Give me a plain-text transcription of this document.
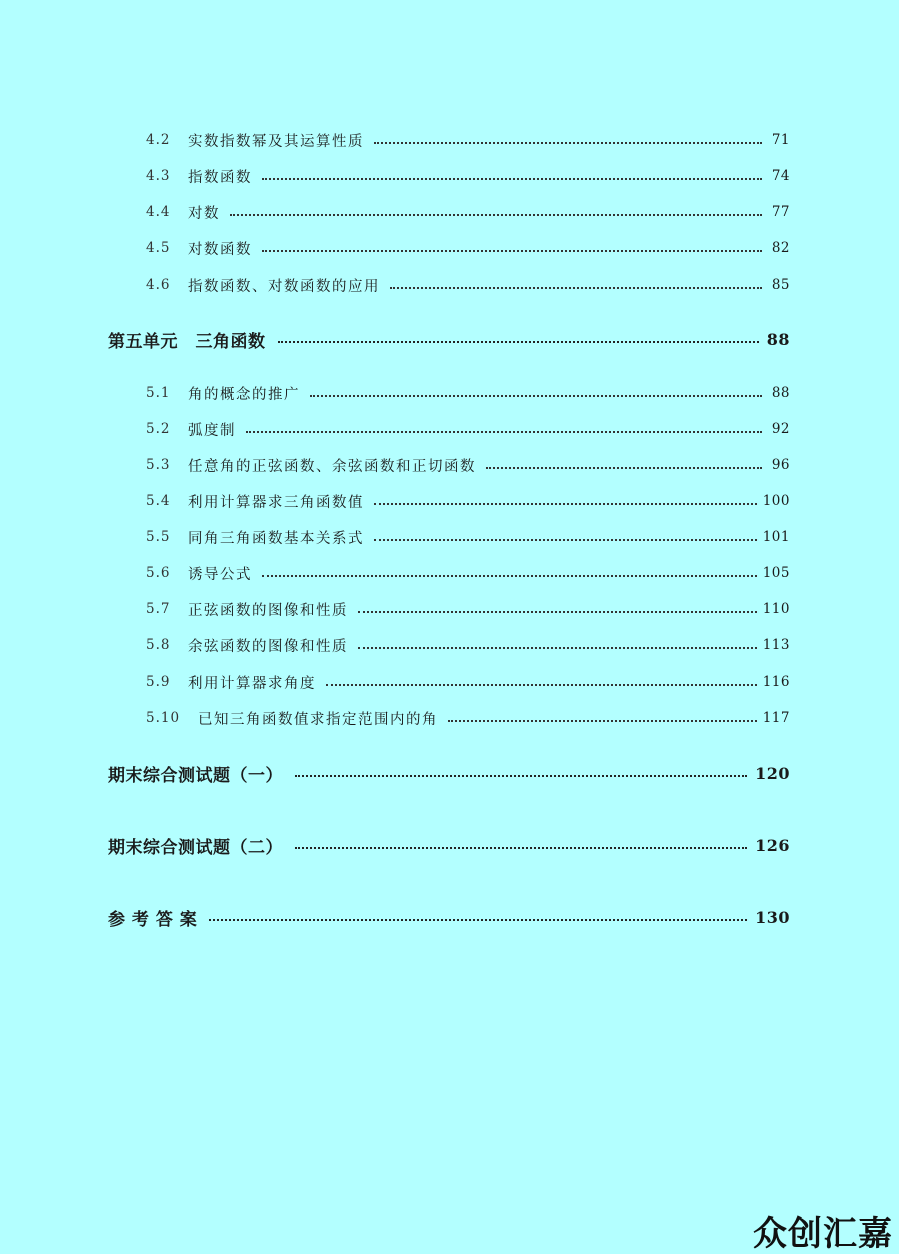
4.2	实数指数幂及其运算性质	71
4.3	指数函数	74
4.4	对数	77
4.5	对数函数	82
4.6	指数函数、对数函数的应用	85
第五单元　三角函数	88
5.1	角的概念的推广	88
5.2	弧度制	92
5.3	任意角的正弦函数、余弦函数和正切函数	96
5.4	利用计算器求三角函数值	100
5.5	同角三角函数基本关系式	101
5.6	诱导公式	105
5.7	正弦函数的图像和性质	110
5.8	余弦函数的图像和性质	113
5.9	利用计算器求角度	116
5.10	已知三角函数值求指定范围内的角	117
期末综合测试题（一）	120
期末综合测试题（二）	126
参 考 答 案	130
众创汇嘉
